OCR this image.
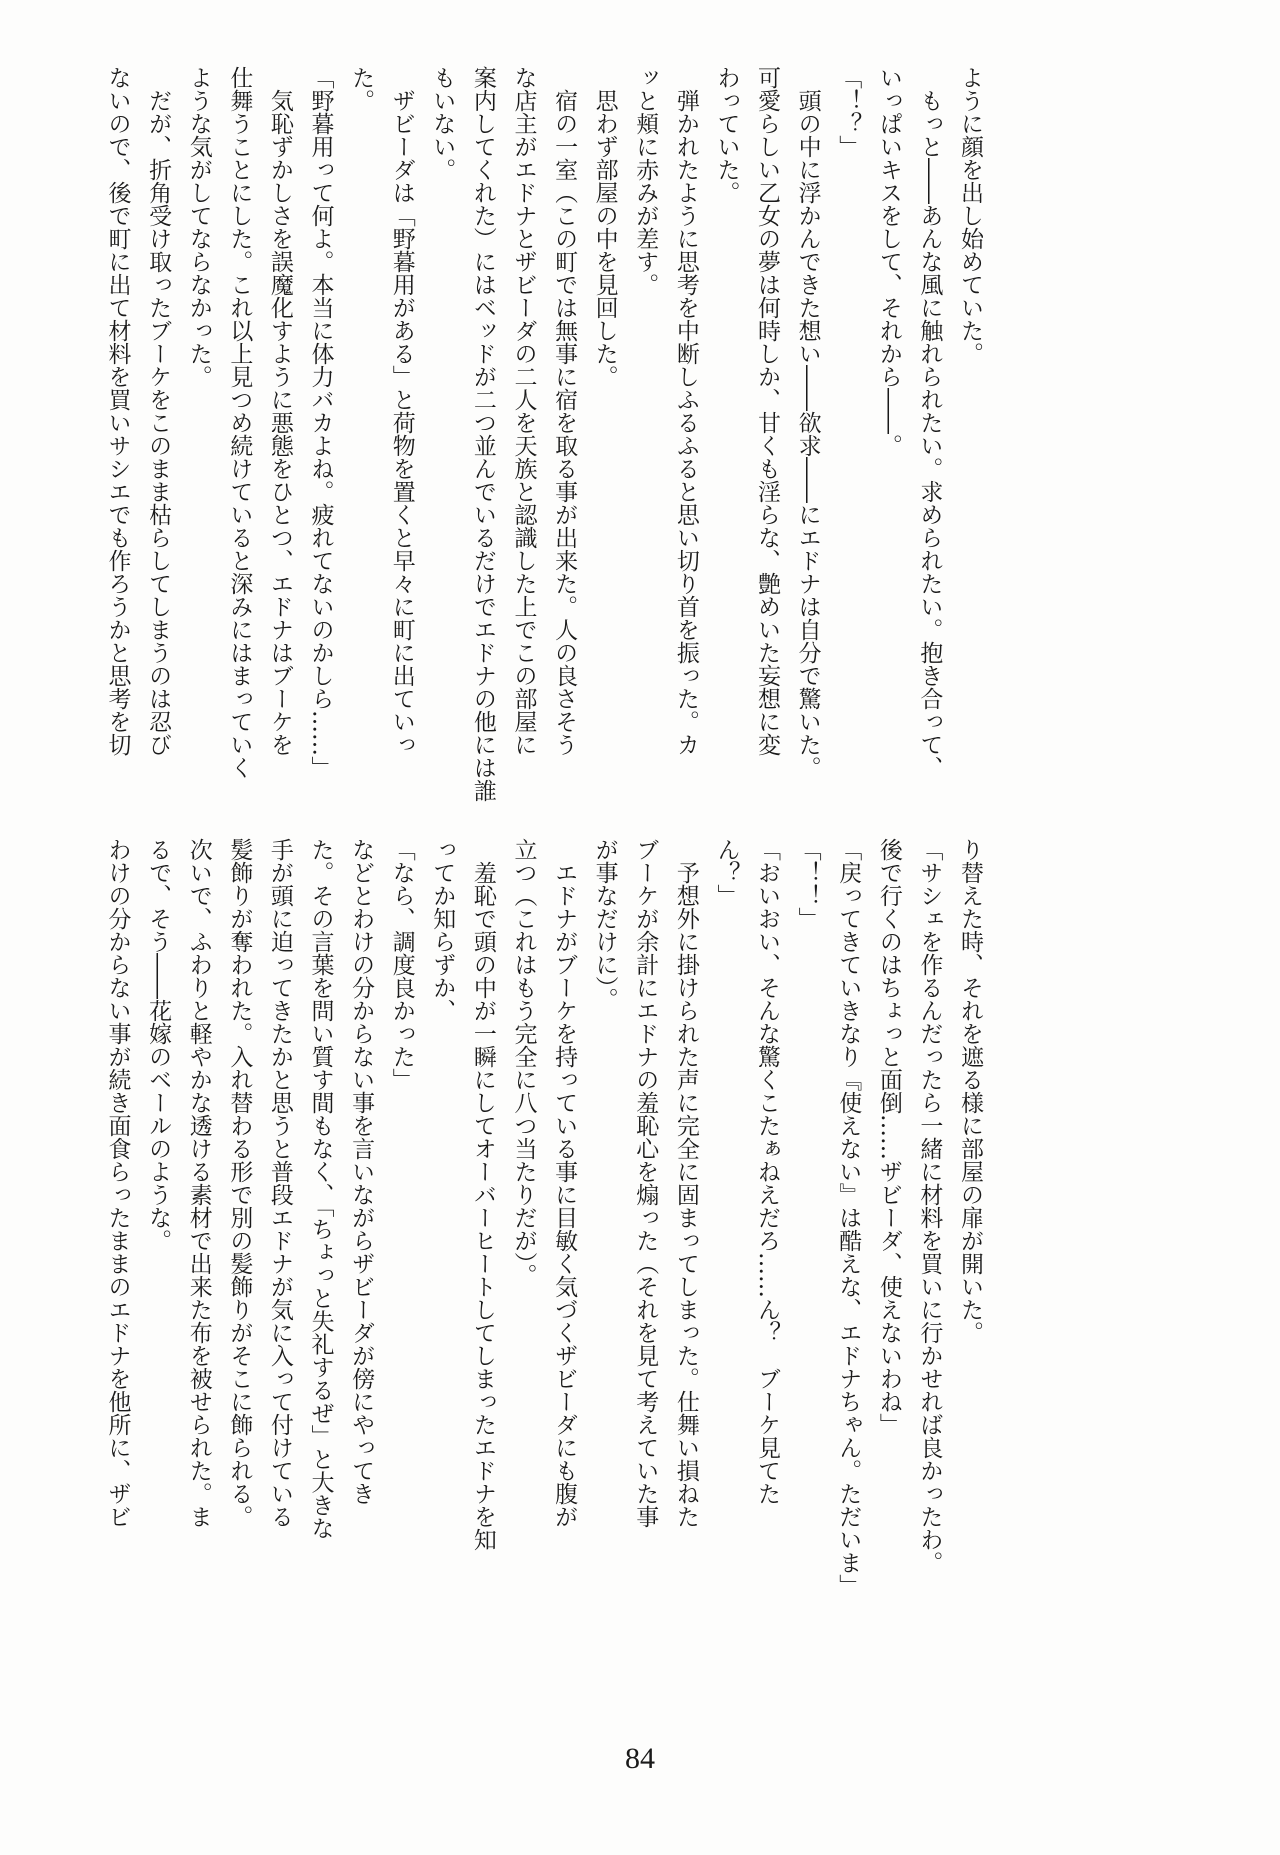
ように顔を出し始めていた。
　もっと――あんな風に触れられたい。求められたい。抱き合って、
いっぱいキスをして、それから――。
「！？」
　頭の中に浮かんできた想い――欲求――にエドナは自分で驚いた。
可愛らしい乙女の夢は何時しか、甘くも淫らな、艶めいた妄想に変
わっていた。
　弾かれたように思考を中断しふるふると思い切り首を振った。カ
ッと頬に赤みが差す。
　思わず部屋の中を見回した。
　宿の一室（この町では無事に宿を取る事が出来た。人の良さそう
な店主がエドナとザビーダの二人を天族と認識した上でこの部屋に
案内してくれた）にはベッドが二つ並んでいるだけでエドナの他には誰
もいない。
　ザビーダは「野暮用がある」と荷物を置くと早々に町に出ていっ
た。
「野暮用って何よ。本当に体力バカよね。疲れてないのかしら……」
　気恥ずかしさを誤魔化すように悪態をひとつ、エドナはブーケを
仕舞うことにした。これ以上見つめ続けていると深みにはまっていく
ような気がしてならなかった。
　だが、折角受け取ったブーケをこのまま枯らしてしまうのは忍び
ないので、後で町に出て材料を買いサシエでも作ろうかと思考を切
り替えた時、それを遮る様に部屋の扉が開いた。
「サシェを作るんだったら一緒に材料を買いに行かせれば良かったわ。
後で行くのはちょっと面倒……ザビーダ、使えないわね」
「戻ってきていきなり『使えない』は酷えな、エドナちゃん。ただいま」
「！！」
「おいおい、そんな驚くこたぁねえだろ……ん？　ブーケ見てた
ん？」
　予想外に掛けられた声に完全に固まってしまった。仕舞い損ねた
ブーケが余計にエドナの羞恥心を煽った（それを見て考えていた事
が事なだけに）。
　エドナがブーケを持っている事に目敏く気づくザビーダにも腹が
立つ（これはもう完全に八つ当たりだが）。
　羞恥で頭の中が一瞬にしてオーバーヒートしてしまったエドナを知
ってか知らずか、
「なら、調度良かった」
などとわけの分からない事を言いながらザビーダが傍にやってき
た。その言葉を問い質す間もなく、「ちょっと失礼するぜ」と大きな
手が頭に迫ってきたかと思うと普段エドナが気に入って付けている
髪飾りが奪われた。入れ替わる形で別の髪飾りがそこに飾られる。
次いで、ふわりと軽やかな透ける素材で出来た布を被せられた。ま
るで、そう――花嫁のベールのような。
わけの分からない事が続き面食らったままのエドナを他所に、ザビ
84
